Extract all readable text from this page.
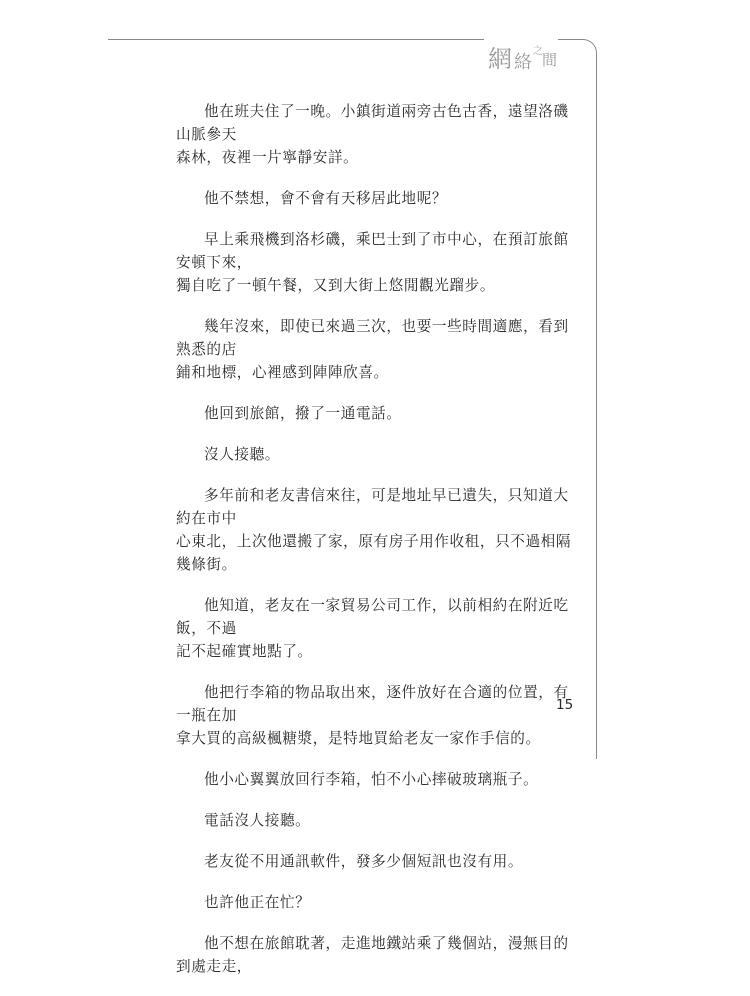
網 絡
之 間

他在班夫住了一晚。小鎮街道兩旁古色古香，遠望洛磯山脈參天
森林，夜裡一片寧靜安詳。

他不禁想，會不會有天移居此地呢？

早上乘飛機到洛杉磯，乘巴士到了市中心，在預訂旅館安頓下來，
獨自吃了一頓午餐，又到大街上悠閒觀光蹓步。

幾年沒來，即使已來過三次，也要一些時間適應，看到熟悉的店
鋪和地標，心裡感到陣陣欣喜。

他回到旅館，撥了一通電話。

沒人接聽。

多年前和老友書信來往，可是地址早已遺失，只知道大約在市中
心東北，上次他還搬了家，原有房子用作收租，只不過相隔幾條街。

他知道，老友在一家貿易公司工作，以前相約在附近吃飯，不過
記不起確實地點了。

他把行李箱的物品取出來，逐件放好在合適的位置，有一瓶在加
拿大買的高級楓糖漿，是特地買給老友一家作手信的。

他小心翼翼放回行李箱，怕不小心摔破玻璃瓶子。

電話沒人接聽。

老友從不用通訊軟件，發多少個短訊也沒有用。

也許他正在忙？

他不想在旅館耽著，走進地鐵站乘了幾個站，漫無目的到處走走，

15
